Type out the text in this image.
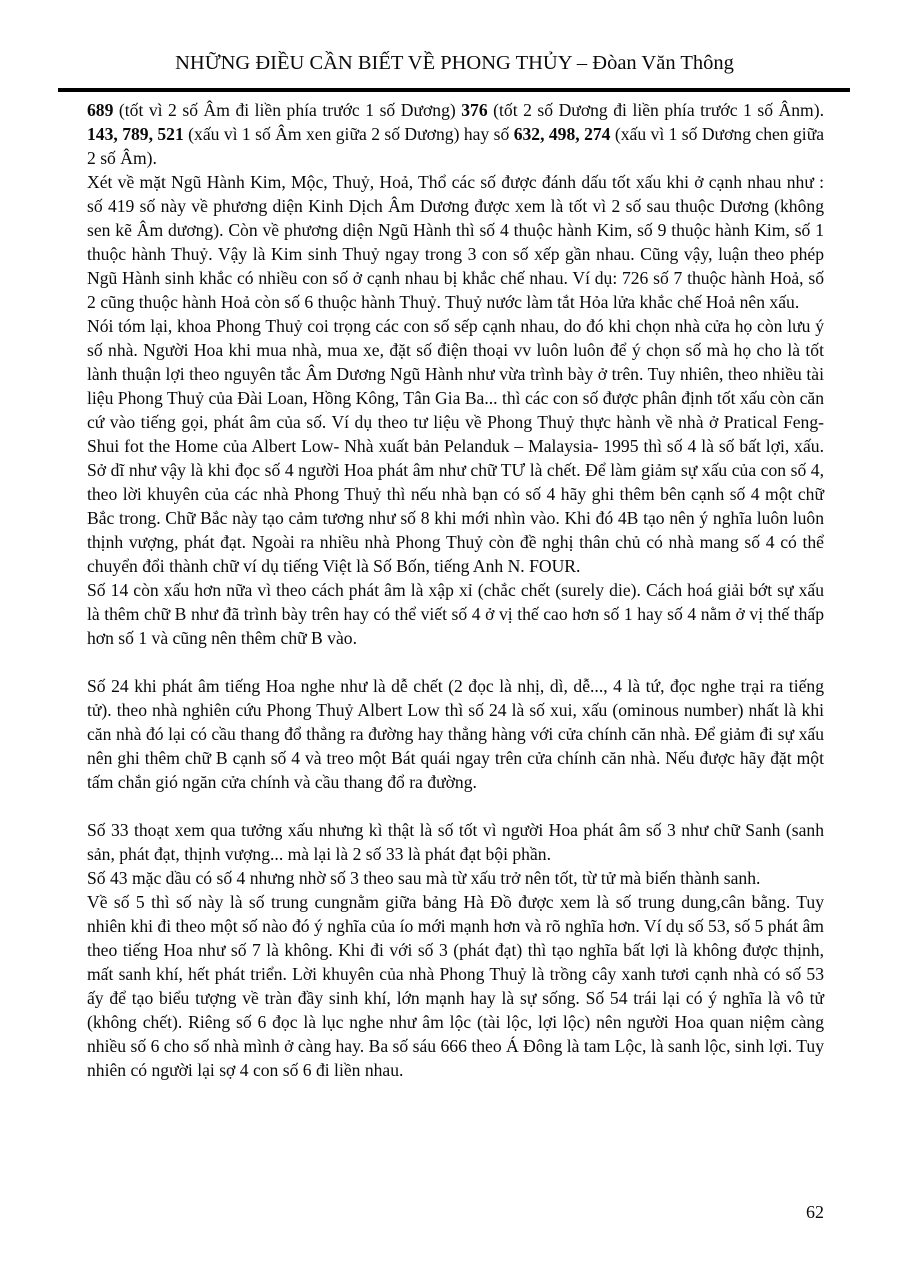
NHỮNG ĐIỀU CẦN BIẾT VỀ PHONG THỦY – Đòan Văn Thông

689 (tốt vì 2 số Âm đi liền phía trước 1 số Dương) 376 (tốt 2 số Dương đi liền phía trước 1 số Ânm). 143, 789, 521 (xấu vì 1 số Âm xen giữa 2 số Dương) hay số 632, 498, 274 (xấu vì 1 số Dương chen giữa 2 số Âm).

Xét về mặt Ngũ Hành Kim, Mộc, Thuỷ, Hoả, Thổ các số được đánh dấu tốt xấu khi ở cạnh nhau như : số 419 số này về phương diện Kinh Dịch Âm Dương được xem là tốt vì 2 số sau thuộc Dương (không sen kẽ Âm dương). Còn về phương diện Ngũ Hành thì số 4 thuộc hành Kim, số 9 thuộc hành Kim, số 1 thuộc hành Thuỷ. Vậy là Kim sinh Thuỷ ngay trong 3 con số xếp gần nhau. Cũng vậy, luận theo phép Ngũ Hành sinh khắc có nhiều con số ở cạnh nhau bị khắc chế nhau. Ví dụ: 726 số 7 thuộc hành Hoả, số 2 cũng thuộc hành Hoả còn số 6 thuộc hành Thuỷ. Thuỷ nước làm tắt Hỏa lửa khắc chế Hoả nên xấu.

Nói tóm lại, khoa Phong Thuỷ coi trọng các con số sếp cạnh nhau, do đó khi chọn nhà cửa họ còn lưu ý số nhà. Người Hoa khi mua nhà, mua xe, đặt số điện thoại vv luôn luôn để ý chọn số mà họ cho là tốt lành thuận lợi theo nguyên tắc Âm Dương Ngũ Hành như vừa trình bày ở trên. Tuy nhiên, theo nhiều tài liệu Phong Thuỷ của Đài Loan, Hồng Kông, Tân Gia Ba... thì các con số được phân định tốt xấu còn căn cứ vào tiếng gọi, phát âm của số. Ví dụ theo tư liệu về Phong Thuỷ thực hành về nhà ở Pratical Feng-Shui fot the Home của Albert Low- Nhà xuất bản Pelanduk – Malaysia- 1995 thì số 4 là số bất lợi, xấu. Sở dĩ như vậy là khi đọc số 4 người Hoa phát âm như chữ TƯ là chết. Để làm giảm sự xấu của con số 4, theo lời khuyên của các nhà Phong Thuỷ thì nếu nhà bạn có số 4 hãy ghi thêm bên cạnh số 4 một chữ Bắc trong. Chữ Bắc này tạo cảm tương như số 8 khi mới nhìn vào. Khi đó 4B tạo nên ý nghĩa luôn luôn thịnh vượng, phát đạt. Ngoài ra nhiều nhà Phong Thuỷ còn đề nghị thân chủ có nhà mang số 4 có thể chuyển đổi thành chữ ví dụ tiếng Việt là Số Bốn, tiếng Anh N. FOUR.

Số 14 còn xấu hơn nữa vì theo cách phát âm là xập xỉ (chắc chết (surely die). Cách hoá giải bớt sự xấu là thêm chữ B như đã trình bày trên hay có thể viết số 4 ở vị thế cao hơn số 1 hay số 4 nằm ở vị thế thấp hơn số 1 và cũng nên thêm chữ B vào.

Số 24 khi phát âm tiếng Hoa nghe như là dễ chết (2 đọc là nhị, dì, dễ..., 4 là tứ, đọc nghe trại ra tiếng tử). theo nhà nghiên cứu Phong Thuỷ Albert Low thì số 24 là số xui, xấu (ominous number) nhất là khi căn nhà đó lại có cầu thang đổ thẳng ra đường hay thẳng hàng với cửa chính căn nhà. Để giảm đi sự xấu nên ghi thêm chữ B cạnh số 4 và treo một Bát quái ngay trên cửa chính căn nhà. Nếu được hãy đặt một tấm chắn gió ngăn cửa chính và cầu thang đổ ra đường.

Số 33 thoạt xem qua tưởng xấu nhưng kì thật là số tốt vì người Hoa phát âm số 3 như chữ Sanh (sanh sản, phát đạt, thịnh vượng... mà lại là 2 số 33 là phát đạt bội phần.

Số 43 mặc dầu có số 4 nhưng nhờ số 3 theo sau mà từ xấu trở nên tốt, từ tử mà biến thành sanh.

Về số 5 thì số này là số trung cungnằm giữa bảng Hà Đồ được xem là số trung dung,cân bằng. Tuy nhiên khi đi theo một số nào đó ý nghĩa của ío mới mạnh hơn và rõ nghĩa hơn. Ví dụ số 53, số 5 phát âm theo tiếng Hoa như số 7 là không. Khi đi với số 3 (phát đạt) thì tạo nghĩa bất lợi là không được thịnh, mất sanh khí, hết phát triển. Lời khuyên của nhà Phong Thuỷ là trồng cây xanh tươi cạnh nhà có số 53 ấy để tạo biểu tượng về tràn đầy sinh khí, lớn mạnh hay là sự sống. Số 54 trái lại có ý nghĩa là vô tử (không chết). Riêng số 6 đọc là lục nghe như âm lộc (tài lộc, lợi lộc) nên người Hoa quan niệm càng nhiều số 6 cho số nhà mình ở càng hay. Ba số sáu 666 theo Á Đông là tam Lộc, là sanh lộc, sinh lợi. Tuy nhiên có người lại sợ 4 con số 6 đi liền nhau.

62
